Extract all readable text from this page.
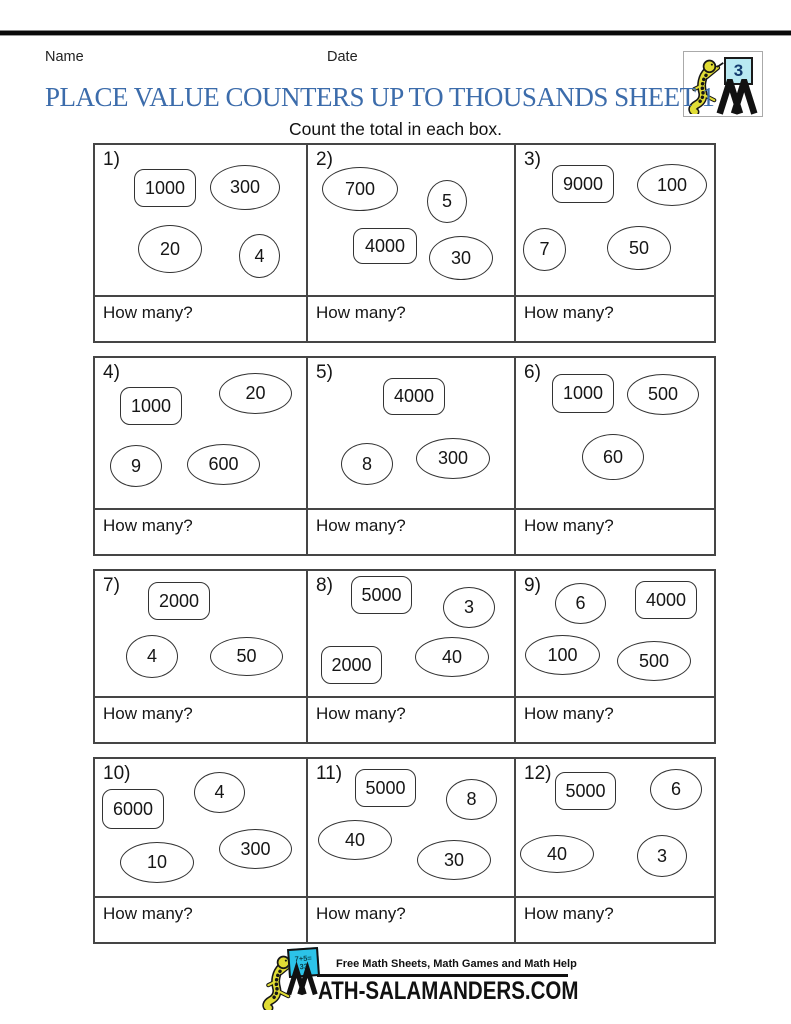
Name	Date
3
PLACE VALUE COUNTERS UP TO THOUSANDS SHEET 1
Count the total in each box.
1)
1000	300
20	4
How many?
2)
700
5
4000
30
How many?
3)
9000	100
7	50
How many?
4)
1000
20
9	600
How many?
5)
4000
8	300
How many?
6)
1000	500
60
How many?
7)
2000
4	50
How many?
8)	5000
3
2000	40
How many?
9)
6	4000
100	500
How many?
10)
6000
4
10
300
How many?
11)
5000
8
40
30
How many?
12)
5000	6
40	3
How many?
7+5=
33	Free Math Sheets, Math Games and Math Help
ATH-SALAMANDERS.COM
